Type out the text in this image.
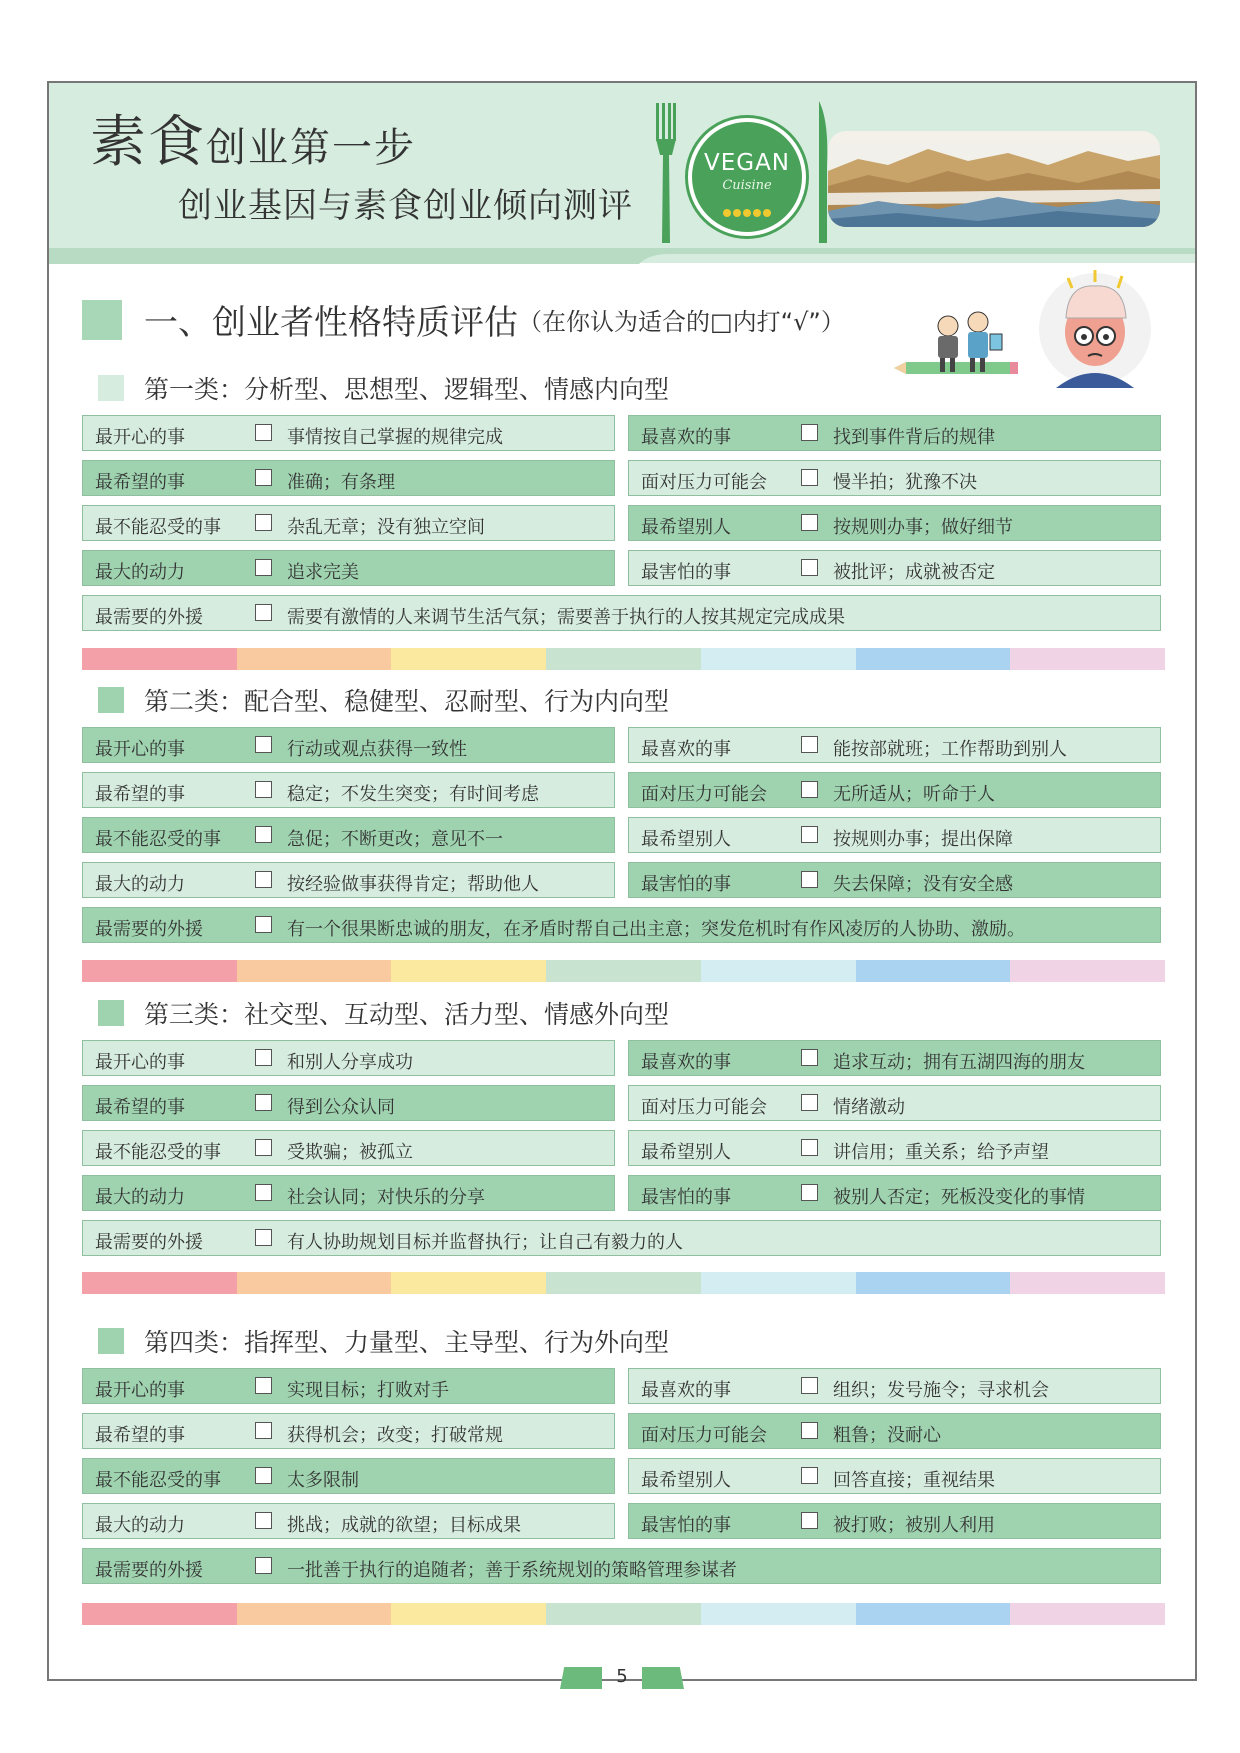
素食创业第一步
创业基因与素食创业倾向测评
VEGAN
Cuisine
一、创业者性格特质评估（在你认为适合的□内打“√”）
第一类：分析型、思想型、逻辑型、情感内向型
最开心的事	事情按自己掌握的规律完成	最喜欢的事	找到事件背后的规律
最希望的事	准确；有条理	面对压力可能会	慢半拍；犹豫不决
最不能忍受的事	杂乱无章；没有独立空间	最希望别人	按规则办事；做好细节
最大的动力	追求完美	最害怕的事	被批评；成就被否定
最需要的外援	需要有激情的人来调节生活气氛；需要善于执行的人按其规定完成成果
第二类：配合型、稳健型、忍耐型、行为内向型
最开心的事	行动或观点获得一致性	最喜欢的事	能按部就班；工作帮助到别人
最希望的事	稳定；不发生突变；有时间考虑	面对压力可能会	无所适从；听命于人
最不能忍受的事	急促；不断更改；意见不一	最希望别人	按规则办事；提出保障
最大的动力	按经验做事获得肯定；帮助他人	最害怕的事	失去保障；没有安全感
最需要的外援	有一个很果断忠诚的朋友，在矛盾时帮自己出主意；突发危机时有作风凌厉的人协助、激励。
第三类：社交型、互动型、活力型、情感外向型
最开心的事	和别人分享成功	最喜欢的事	追求互动；拥有五湖四海的朋友
最希望的事	得到公众认同	面对压力可能会	情绪激动
最不能忍受的事	受欺骗；被孤立	最希望别人	讲信用；重关系；给予声望
最大的动力	社会认同；对快乐的分享	最害怕的事	被别人否定；死板没变化的事情
最需要的外援	有人协助规划目标并监督执行；让自己有毅力的人
第四类：指挥型、力量型、主导型、行为外向型
最开心的事	实现目标；打败对手	最喜欢的事	组织；发号施令；寻求机会
最希望的事	获得机会；改变；打破常规	面对压力可能会	粗鲁；没耐心
最不能忍受的事	太多限制	最希望别人	回答直接；重视结果
最大的动力	挑战；成就的欲望；目标成果	最害怕的事	被打败；被别人利用
最需要的外援	一批善于执行的追随者；善于系统规划的策略管理参谋者
5
